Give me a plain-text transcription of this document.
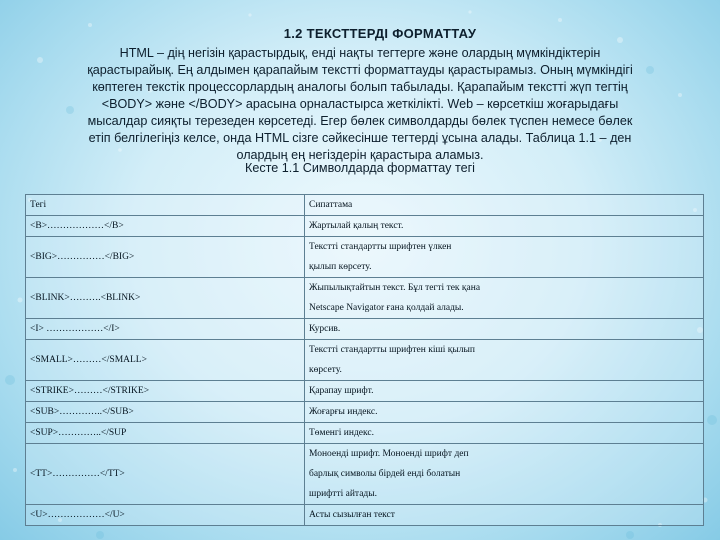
1.2 ТЕКСТТЕРДІ ФОРМАТТАУ
HTML – дің негізін қарастырдық, енді нақты тегтерге және олардың мүмкіндіктерін
қарастырайық. Ең алдымен қарапайым текстті форматтауды қарастырамыз. Оның мүмкіндігі
көптеген текстік процессорлардың аналогы болып табылады. Қарапайым текстті жүп тегтің
<BODY> және </BODY> арасына орналастырса жеткілікті. Web – көрсеткіш жоғарыдағы
мысалдар сияқты терезеден көрсетеді. Егер бөлек символдарды бөлек түспен немесе бөлек
етіп белгілегіңіз келсе, онда HTML сізге сәйкесінше тегтерді ұсына алады. Таблица 1.1 – ден
олардың ең негіздерін қарастыра аламыз.
Кесте 1.1 Символдарда форматтау тегі
Тегі	Сипаттама
<B>………………</B>	Жартылай қалың текст.

<BIG>……………</BIG>	Текстті стандартты шрифтен үлкен
қылып көрсету.

<BLINK>……….<BLINK>	Жыпылықтайтын текст. Бұл тегті тек қана
Netscape Navigator ғана қолдай алады.

<I> ………………</I>	Курсив.

<SMALL>………</SMALL>	Текстті стандартты шрифтен кіші қылып
көрсету.

<STRIKE>………</STRIKE>	Қарапау шрифт.

<SUB>…………..</SUB>	Жоғарғы индекс.

<SUP>…………..</SUP	Төменгі индекс.

<TT>……………</TT>	Моноенді шрифт. Моноенді шрифт деп
барлық символы бірдей енді болатын
шрифтті айтады.

<U>………………</U>	Асты сызылған текст
